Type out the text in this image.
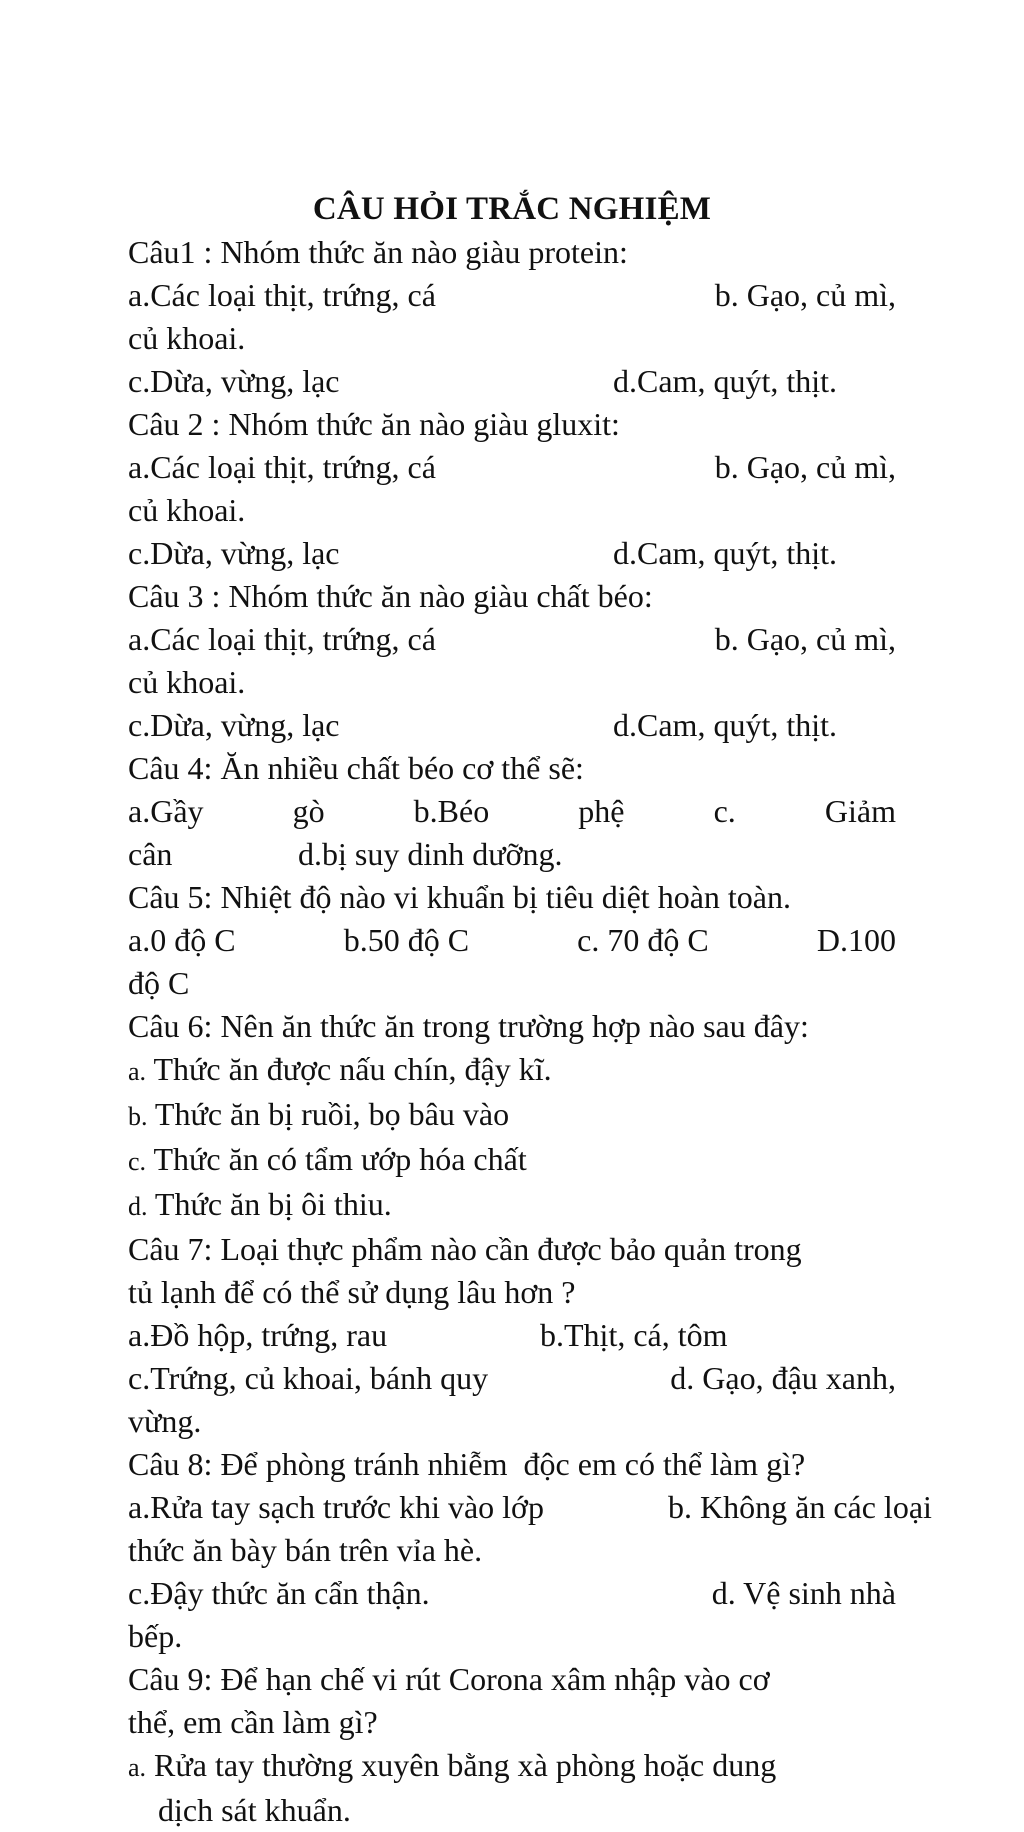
CÂU HỎI TRẮC NGHIỆM
Câu1 : Nhóm thức ăn nào giàu protein:
a.Các loại thịt, trứng, cá	b. Gạo, củ mì,
củ khoai.
c.Dừa, vừng, lạc	d.Cam, quýt, thịt.
Câu 2 : Nhóm thức ăn nào giàu gluxit:
a.Các loại thịt, trứng, cá	b. Gạo, củ mì,
củ khoai.
c.Dừa, vừng, lạc	d.Cam, quýt, thịt.
Câu 3 : Nhóm thức ăn nào giàu chất béo:
a.Các loại thịt, trứng, cá	b. Gạo, củ mì,
củ khoai.
c.Dừa, vừng, lạc	d.Cam, quýt, thịt.
Câu 4: Ăn nhiều chất béo cơ thể sẽ:
a.Gầy	gò	b.Béo	phệ	c.	Giảm
cân	d.bị suy dinh dưỡng.
Câu 5: Nhiệt độ nào vi khuẩn bị tiêu diệt hoàn toàn.
a.0 độ C	b.50 độ C	c. 70 độ C	D.100
độ C
Câu 6: Nên ăn thức ăn trong trường hợp nào sau đây:
a. Thức ăn được nấu chín, đậy kĩ.
b. Thức ăn bị ruồi, bọ bâu vào
c. Thức ăn có tẩm ướp hóa chất
d. Thức ăn bị ôi thiu.
Câu 7: Loại thực phẩm nào cần được bảo quản trong
tủ lạnh để có thể sử dụng lâu hơn ?
a.Đồ hộp, trứng, rau	b.Thịt, cá, tôm
c.Trứng, củ khoai, bánh quy	d. Gạo, đậu xanh,
vừng.
Câu 8: Để phòng tránh nhiễm  độc em có thể làm gì?
a.Rửa tay sạch trước khi vào lớp	b. Không ăn các loại
thức ăn bày bán trên vỉa hè.
c.Đậy thức ăn cẩn thận.	d. Vệ sinh nhà
bếp.
Câu 9: Để hạn chế vi rút Corona xâm nhập vào cơ
thể, em cần làm gì?
a. Rửa tay thường xuyên bằng xà phòng hoặc dung
dịch sát khuẩn.
